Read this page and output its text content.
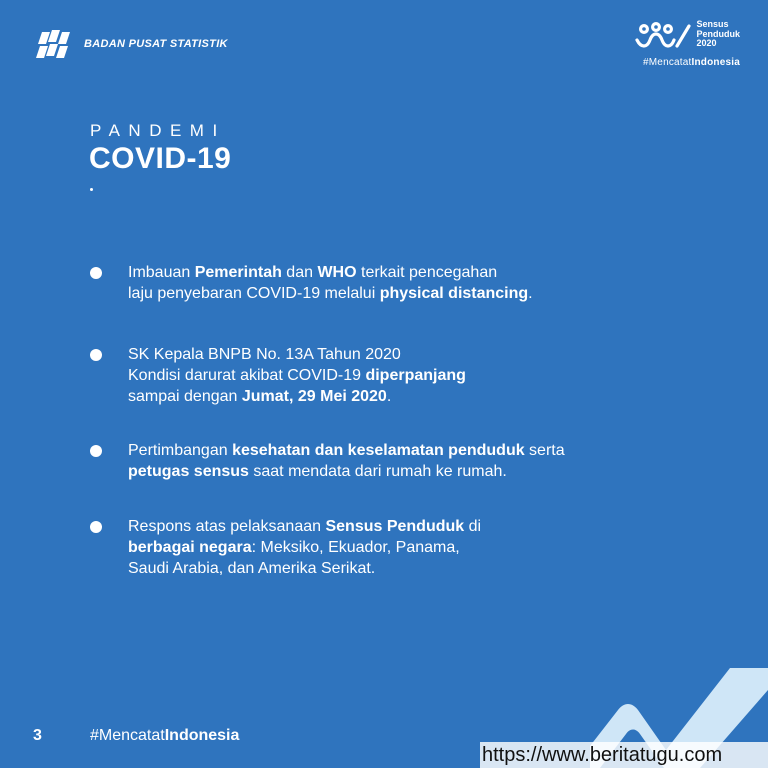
BADAN PUSAT STATISTIK
Sensus
Penduduk
2020
#MencatatIndonesia
PANDEMI
COVID-19
Imbauan Pemerintah dan WHO terkait pencegahan
laju penyebaran COVID-19 melalui physical distancing.
SK Kepala BNPB No. 13A Tahun 2020
Kondisi darurat akibat COVID-19 diperpanjang
sampai dengan Jumat, 29 Mei 2020.
Pertimbangan kesehatan dan keselamatan penduduk serta
petugas sensus saat mendata dari rumah ke rumah.
Respons atas pelaksanaan Sensus Penduduk di
berbagai negara: Meksiko, Ekuador, Panama,
Saudi Arabia, dan Amerika Serikat.
3	#MencatatIndonesia
https://www.beritatugu.com
